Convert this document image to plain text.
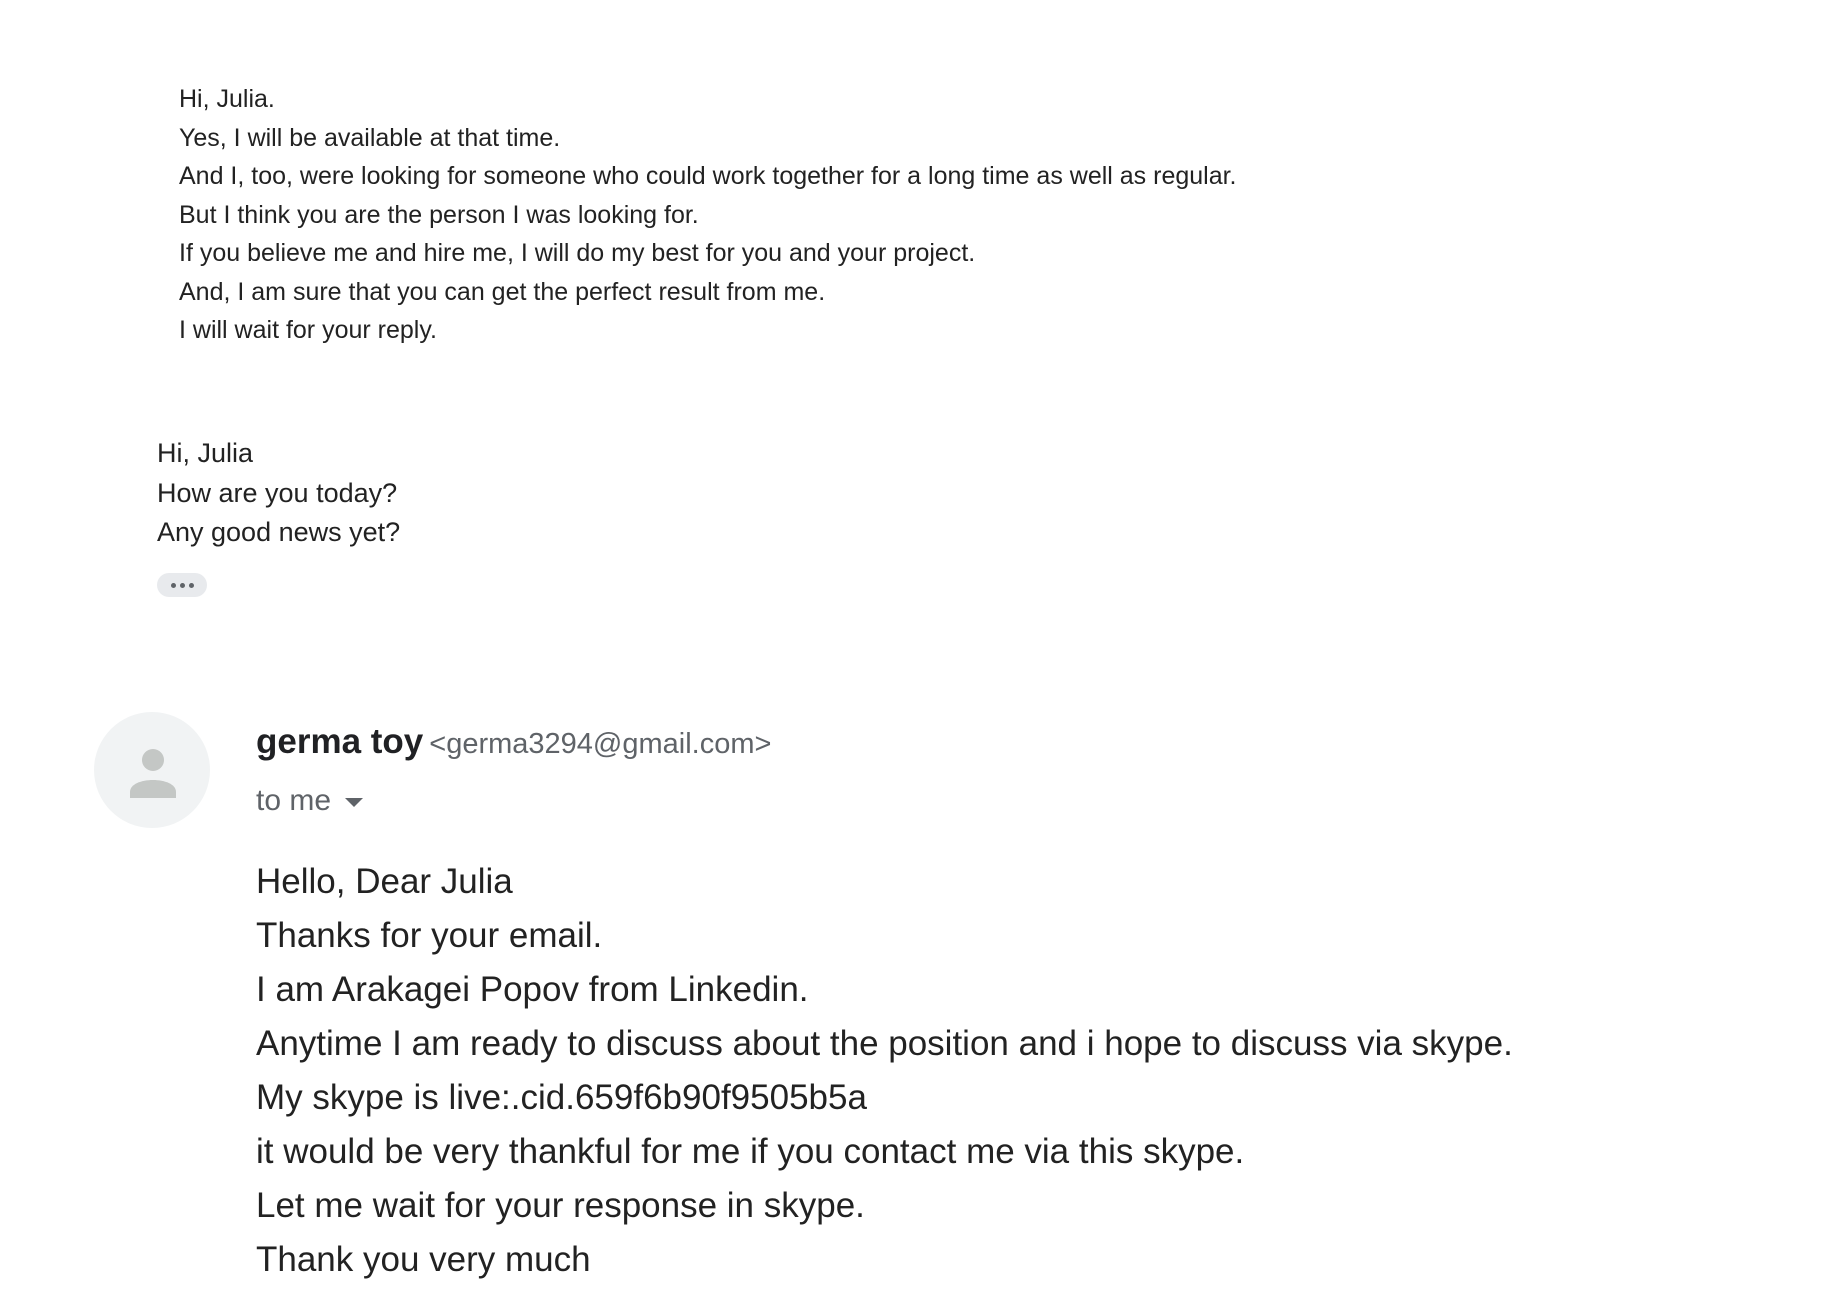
Hi, Julia.
Yes, I will be available at that time.
And I, too, were looking for someone who could work together for a long time as well as regular.
But I think you are the person I was looking for.
If you believe me and hire me, I will do my best for you and your project.
And, I am sure that you can get the perfect result from me.
I will wait for your reply.
Hi, Julia
How are you today?
Any good news yet?
germa toy <germa3294@gmail.com>
to me
Hello, Dear Julia
Thanks for your email.
I am Arakagei Popov from Linkedin.
Anytime I am ready to discuss about the position and i hope to discuss via skype.
My skype is live:.cid.659f6b90f9505b5a
it would be very thankful for me if you contact me via this skype.
Let me wait for your response in skype.
Thank you very much
